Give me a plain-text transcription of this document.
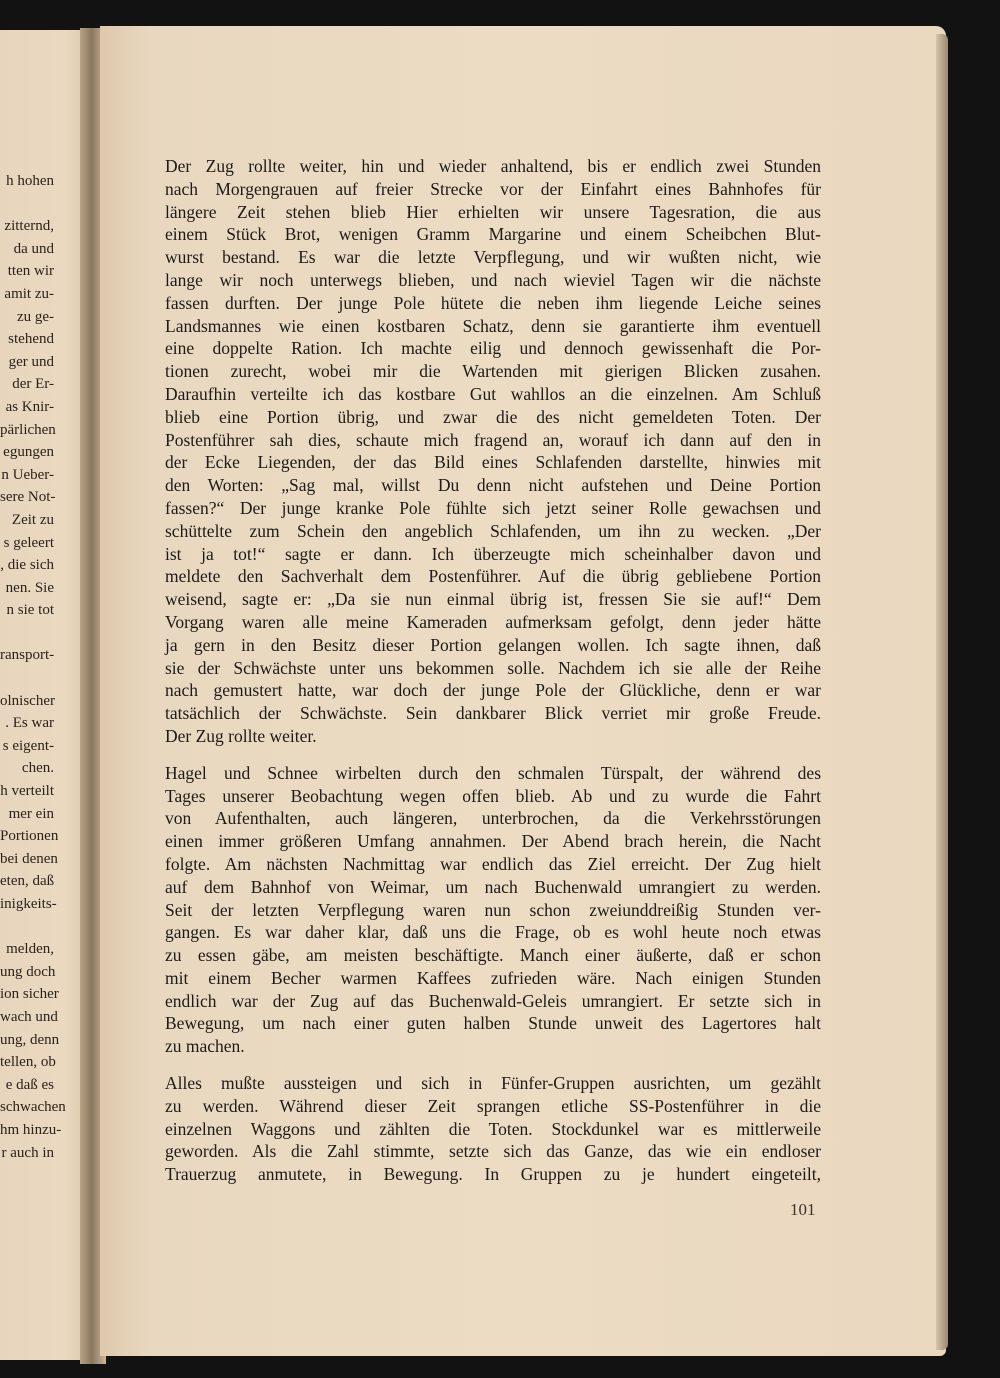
h hohen
zitternd,
da und
tten wir
amit zu-
zu ge-
stehend
ger und
der Er-
as Knir-
pärlichen
egungen
n Ueber-
sere Not-
Zeit zu
s geleert
, die sich
nen. Sie
n sie tot
ransport-
olnischer
. Es war
s eigent-
chen.
h verteilt
mer ein
Portionen
bei denen
eten, daß
inigkeits-
melden,
ung doch
ion sicher
wach und
ung, denn
tellen, ob
e daß es
schwachen
hm hinzu-
r auch in
Der Zug rollte weiter, hin und wieder anhaltend, bis er endlich zwei Stunden
nach Morgengrauen auf freier Strecke vor der Einfahrt eines Bahnhofes für
längere Zeit stehen blieb Hier erhielten wir unsere Tagesration, die aus
einem Stück Brot, wenigen Gramm Margarine und einem Scheibchen Blut-
wurst bestand. Es war die letzte Verpflegung, und wir wußten nicht, wie
lange wir noch unterwegs blieben, und nach wieviel Tagen wir die nächste
fassen durften. Der junge Pole hütete die neben ihm liegende Leiche seines
Landsmannes wie einen kostbaren Schatz, denn sie garantierte ihm eventuell
eine doppelte Ration. Ich machte eilig und dennoch gewissenhaft die Por-
tionen zurecht, wobei mir die Wartenden mit gierigen Blicken zusahen.
Daraufhin verteilte ich das kostbare Gut wahllos an die einzelnen. Am Schluß
blieb eine Portion übrig, und zwar die des nicht gemeldeten Toten. Der
Postenführer sah dies, schaute mich fragend an, worauf ich dann auf den in
der Ecke Liegenden, der das Bild eines Schlafenden darstellte, hinwies mit
den Worten: „Sag mal, willst Du denn nicht aufstehen und Deine Portion
fassen?“ Der junge kranke Pole fühlte sich jetzt seiner Rolle gewachsen und
schüttelte zum Schein den angeblich Schlafenden, um ihn zu wecken. „Der
ist ja tot!“ sagte er dann. Ich überzeugte mich scheinhalber davon und
meldete den Sachverhalt dem Postenführer. Auf die übrig gebliebene Portion
weisend, sagte er: „Da sie nun einmal übrig ist, fressen Sie sie auf!“ Dem
Vorgang waren alle meine Kameraden aufmerksam gefolgt, denn jeder hätte
ja gern in den Besitz dieser Portion gelangen wollen. Ich sagte ihnen, daß
sie der Schwächste unter uns bekommen solle. Nachdem ich sie alle der Reihe
nach gemustert hatte, war doch der junge Pole der Glückliche, denn er war
tatsächlich der Schwächste. Sein dankbarer Blick verriet mir große Freude.
Der Zug rollte weiter.
Hagel und Schnee wirbelten durch den schmalen Türspalt, der während des
Tages unserer Beobachtung wegen offen blieb. Ab und zu wurde die Fahrt
von Aufenthalten, auch längeren, unterbrochen, da die Verkehrsstörungen
einen immer größeren Umfang annahmen. Der Abend brach herein, die Nacht
folgte. Am nächsten Nachmittag war endlich das Ziel erreicht. Der Zug hielt
auf dem Bahnhof von Weimar, um nach Buchenwald umrangiert zu werden.
Seit der letzten Verpflegung waren nun schon zweiunddreißig Stunden ver-
gangen. Es war daher klar, daß uns die Frage, ob es wohl heute noch etwas
zu essen gäbe, am meisten beschäftigte. Manch einer äußerte, daß er schon
mit einem Becher warmen Kaffees zufrieden wäre. Nach einigen Stunden
endlich war der Zug auf das Buchenwald-Geleis umrangiert. Er setzte sich in
Bewegung, um nach einer guten halben Stunde unweit des Lagertores halt
zu machen.
Alles mußte aussteigen und sich in Fünfer-Gruppen ausrichten, um gezählt
zu werden. Während dieser Zeit sprangen etliche SS-Postenführer in die
einzelnen Waggons und zählten die Toten. Stockdunkel war es mittlerweile
geworden. Als die Zahl stimmte, setzte sich das Ganze, das wie ein endloser
Trauerzug anmutete, in Bewegung. In Gruppen zu je hundert eingeteilt,
101
